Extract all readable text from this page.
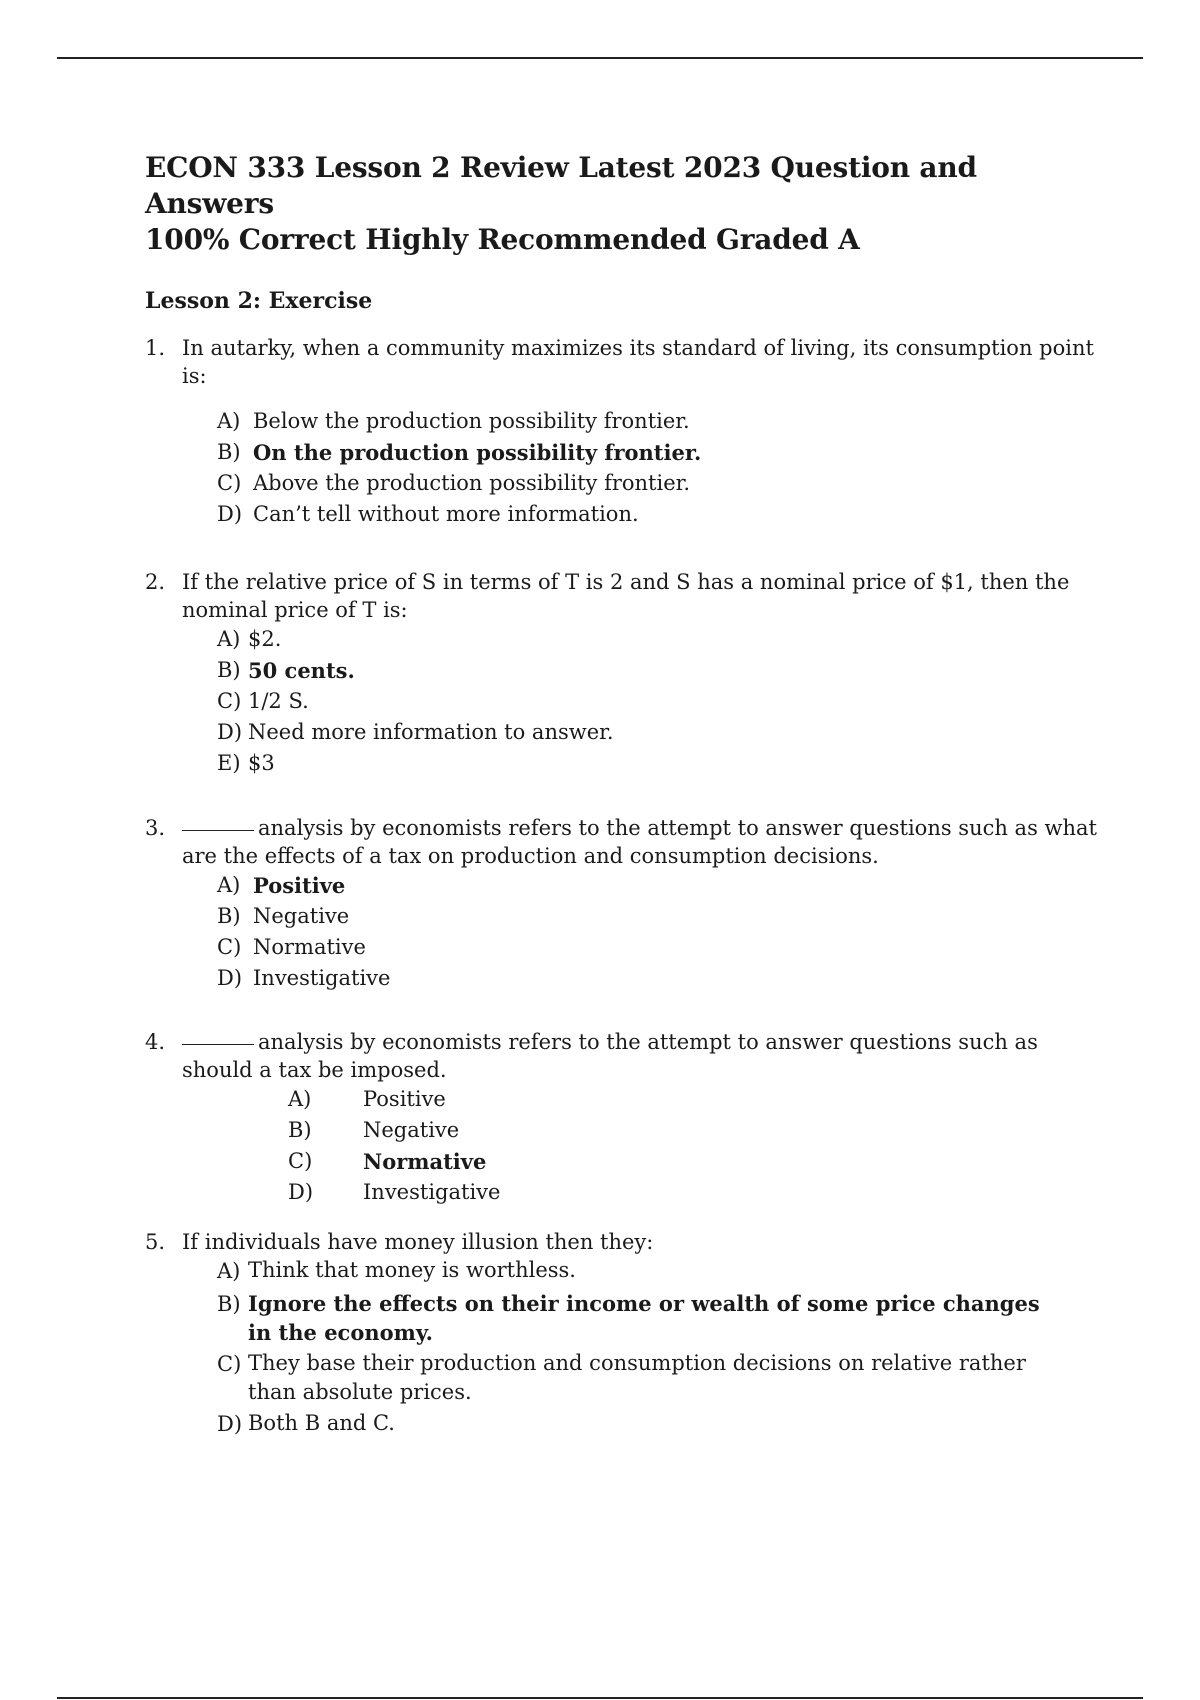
ECON 333 Lesson 2 Review Latest 2023 Question and Answers
100% Correct Highly Recommended Graded A
Lesson 2: Exercise
1. In autarky, when a community maximizes its standard of living, its consumption point is:
A) Below the production possibility frontier.
B) On the production possibility frontier.
C) Above the production possibility frontier.
D) Can’t tell without more information.
2. If the relative price of S in terms of T is 2 and S has a nominal price of $1, then the nominal price of T is:
A) $2.
B) 50 cents.
C) 1/2 S.
D) Need more information to answer.
E) $3
3.	analysis by economists refers to the attempt to answer questions such as what are the effects of a tax on production and consumption decisions.
A) Positive
B) Negative
C) Normative
D) Investigative
4.	analysis by economists refers to the attempt to answer questions such as should a tax be imposed.
A)	Positive
B)	Negative
C)	Normative
D)	Investigative
5. If individuals have money illusion then they:
A) Think that money is worthless.
B) Ignore the effects on their income or wealth of some price changes in the economy.
C) They base their production and consumption decisions on relative rather than absolute prices.
D) Both B and C.
